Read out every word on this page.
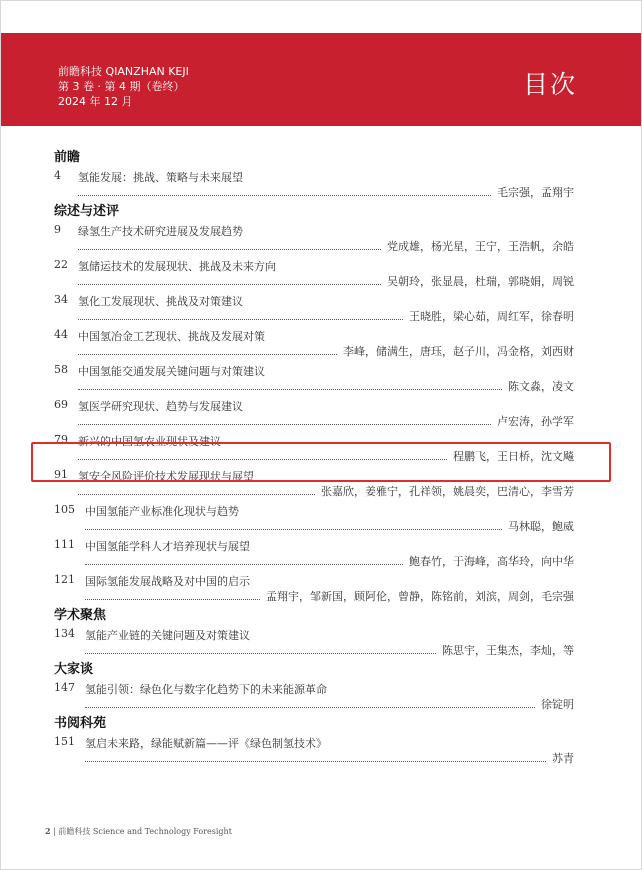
前瞻科技 QIANZHAN KEJI
第 3 卷 · 第 4 期（卷终）
2024 年 12 月
目次
前瞻
4 氢能发展：挑战、策略与未来展望
毛宗强，孟翔宇
综述与述评
9 绿氢生产技术研究进展及发展趋势
党成雄，杨光星，王宁，王浩帆，余皓
22 氢储运技术的发展现状、挑战及未来方向
吴朝玲，张显晨，杜瑞，郭晓娟，周锐
34 氢化工发展现状、挑战及对策建议
王晓胜，梁心茹，周红军，徐春明
44 中国氢冶金工艺现状、挑战及发展对策
李峰，储满生，唐珏，赵子川，冯金格，刘西财
58 中国氢能交通发展关键问题与对策建议
陈文淼，凌文
69 氢医学研究现状、趋势与发展建议
卢宏涛，孙学军
79 新兴的中国氢农业现状及建议
程鹏飞，王日桥，沈文飚
91 氢安全风险评价技术发展现状与展望
张嘉欣，姜雅宁，孔祥领，姚晨奕，巴清心，李雪芳
105 中国氢能产业标准化现状与趋势
马林聪，鲍威
111 中国氢能学科人才培养现状与展望
鲍春竹，于海峰，高华玲，向中华
121 国际氢能发展战略及对中国的启示
孟翔宇，邹新国，顾阿伦，曾静，陈铭前，刘滨，周剑，毛宗强
学术聚焦
134 氢能产业链的关键问题及对策建议
陈思宇，王集杰，李灿，等
大家谈
147 氢能引领：绿色化与数字化趋势下的未来能源革命
徐锭明
书阅科苑
151 氢启未来路，绿能赋新篇——评《绿色制氢技术》
苏青
2 | 前瞻科技 Science and Technology Foresight
